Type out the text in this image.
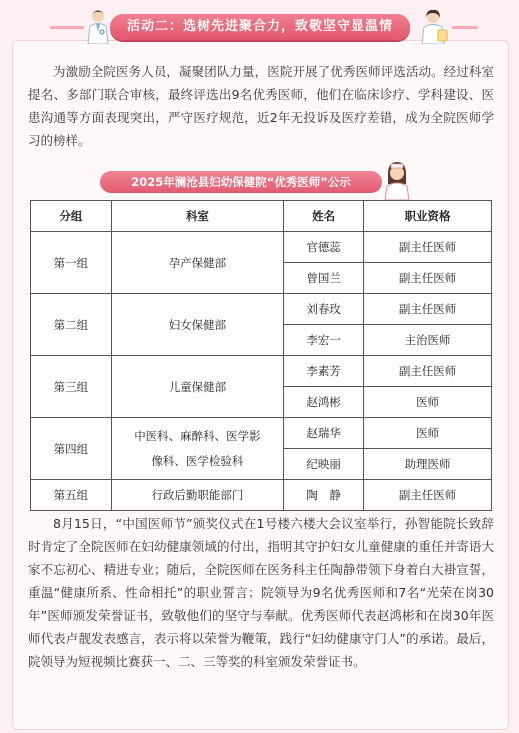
活动二：选树先进聚合力，致敬坚守显温情
为激励全院医务人员，凝聚团队力量，医院开展了优秀医师评选活动。经过科室提名、多部门联合审核，最终评选出9名优秀医师，他们在临床诊疗、学科建设、医患沟通等方面表现突出，严守医疗规范，近2年无投诉及医疗差错，成为全院医师学习的榜样。
2025年澜沧县妇幼保健院“优秀医师”公示
分组	科室	姓名	职业资格
第一组	孕产保健部	官德蕊	副主任医师
		曾国兰	副主任医师
第二组	妇女保健部	刘春玫	副主任医师
		李宏一	主治医师
第三组	儿童保健部	李素芳	副主任医师
		赵鸿彬	医师
第四组	中医科、麻醉科、医学影
像科、医学检验科	赵瑞华	医师
		纪映丽	助理医师
第五组	行政后勤职能部门	陶　静	副主任医师
8月15日，“中国医师节”颁奖仪式在1号楼六楼大会议室举行，孙智能院长致辞时肯定了全院医师在妇幼健康领域的付出，指明其守护妇女儿童健康的重任并寄语大家不忘初心、精进专业；随后，全院医师在医务科主任陶静带领下身着白大褂宣誓，重温“健康所系、性命相托”的职业誓言；院领导为9名优秀医师和7名“光荣在岗30年”医师颁发荣誉证书，致敬他们的坚守与奉献。优秀医师代表赵鸿彬和在岗30年医师代表卢靓发表感言，表示将以荣誉为鞭策，践行“妇幼健康守门人”的承诺。最后，院领导为短视频比赛获一、二、三等奖的科室颁发荣誉证书。
